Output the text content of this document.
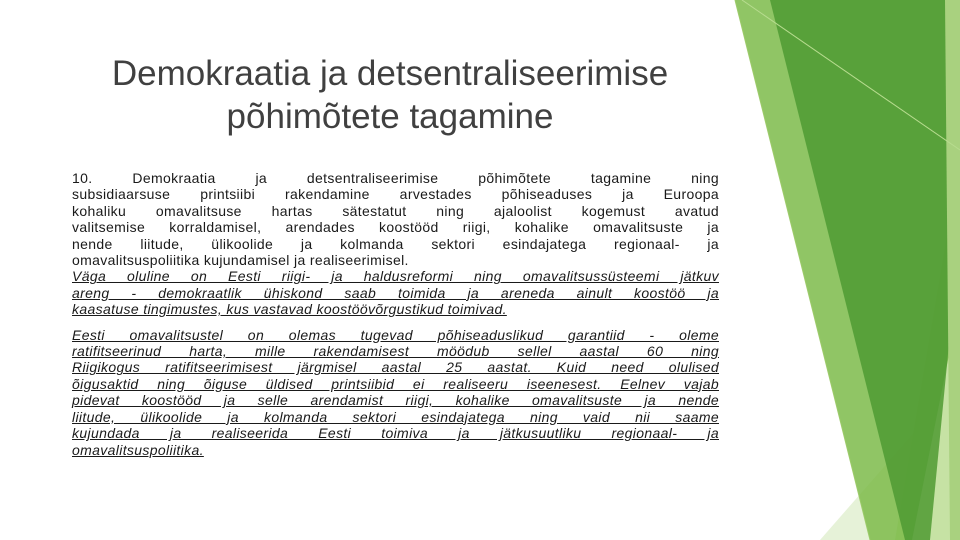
Demokraatia ja detsentraliseerimise
põhimõtete tagamine

10. Demokraatia ja detsentraliseerimise põhimõtete tagamine ning
subsidiaarsuse printsiibi rakendamine arvestades põhiseaduses ja Euroopa
kohaliku omavalitsuse hartas sätestatut ning ajaloolist kogemust avatud
valitsemise korraldamisel, arendades koostööd riigi, kohalike omavalitsuste ja
nende liitude, ülikoolide ja kolmanda sektori esindajatega regionaal- ja
omavalitsuspoliitika kujundamisel ja realiseerimisel.
Väga oluline on Eesti riigi- ja haldusreformi ning omavalitsussüsteemi jätkuv
areng - demokraatlik ühiskond saab toimida ja areneda ainult koostöö ja
kaasatuse tingimustes, kus vastavad koostöövõrgustikud toimivad.

Eesti omavalitsustel on olemas tugevad põhiseaduslikud garantiid - oleme
ratifitseerinud harta, mille rakendamisest möödub sellel aastal 60 ning
Riigikogus ratifitseerimisest järgmisel aastal 25 aastat. Kuid need olulised
õigusaktid ning õiguse üldised printsiibid ei realiseeru iseenesest. Eelnev vajab
pidevat koostööd ja selle arendamist riigi, kohalike omavalitsuste ja nende
liitude, ülikoolide ja kolmanda sektori esindajatega ning vaid nii saame
kujundada ja realiseerida Eesti toimiva ja jätkusuutliku regionaal- ja
omavalitsuspoliitika.
